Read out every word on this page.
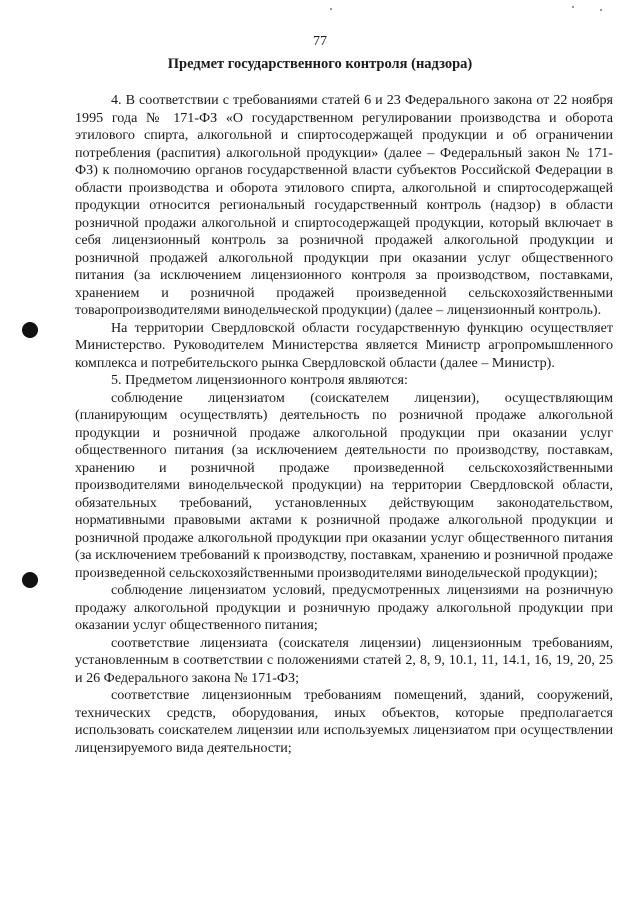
77
Предмет государственного контроля (надзора)

4. В соответствии с требованиями статей 6 и 23 Федерального закона от 22 ноября 1995 года № 171-ФЗ «О государственном регулировании производства и оборота этилового спирта, алкогольной и спиртосодержащей продукции и об ограничении потребления (распития) алкогольной продукции» (далее – Федеральный закон № 171-ФЗ) к полномочию органов государственной власти субъектов Российской Федерации в области производства и оборота этилового спирта, алкогольной и спиртосодержащей продукции относится региональный государственный контроль (надзор) в области розничной продажи алкогольной и спиртосодержащей продукции, который включает в себя лицензионный контроль за розничной продажей алкогольной продукции и розничной продажей алкогольной продукции при оказании услуг общественного питания (за исключением лицензионного контроля за производством, поставками, хранением и розничной продажей произведенной сельскохозяйственными товаропроизводителями винодельческой продукции) (далее – лицензионный контроль).

На территории Свердловской области государственную функцию осуществляет Министерство. Руководителем Министерства является Министр агропромышленного комплекса и потребительского рынка Свердловской области (далее – Министр).

5. Предметом лицензионного контроля являются:

соблюдение лицензиатом (соискателем лицензии), осуществляющим (планирующим осуществлять) деятельность по розничной продаже алкогольной продукции и розничной продаже алкогольной продукции при оказании услуг общественного питания (за исключением деятельности по производству, поставкам, хранению и розничной продаже произведенной сельскохозяйственными производителями винодельческой продукции) на территории Свердловской области, обязательных требований, установленных действующим законодательством, нормативными правовыми актами к розничной продаже алкогольной продукции и розничной продаже алкогольной продукции при оказании услуг общественного питания (за исключением требований к производству, поставкам, хранению и розничной продаже произведенной сельскохозяйственными производителями винодельческой продукции);

соблюдение лицензиатом условий, предусмотренных лицензиями на розничную продажу алкогольной продукции и розничную продажу алкогольной продукции при оказании услуг общественного питания;

соответствие лицензиата (соискателя лицензии) лицензионным требованиям, установленным в соответствии с положениями статей 2, 8, 9, 10.1, 11, 14.1, 16, 19, 20, 25 и 26 Федерального закона № 171-ФЗ;

соответствие лицензионным требованиям помещений, зданий, сооружений, технических средств, оборудования, иных объектов, которые предполагается использовать соискателем лицензии или используемых лицензиатом при осуществлении лицензируемого вида деятельности;
